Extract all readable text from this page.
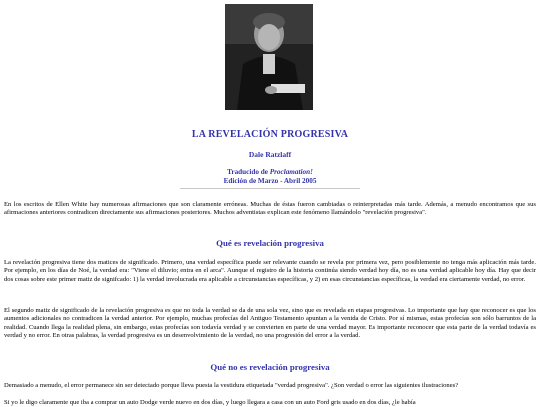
LA REVELACIÓN PROGRESIVA
Dale Ratzlaff
Traducido de Proclamation!
Edición de Marzo - Abril 2005

En los escritos de Ellen White hay numerosas afirmaciones que son claramente erróneas. Muchas de éstas fueron cambiadas o reinterpretadas más tarde. Además, a menudo encontramos que sus afirmaciones anteriores contradicen directamente sus afirmaciones posteriores. Muchos adventistas explican este fenómeno llamándolo "revelación progresiva".

Qué es revelación progresiva

La revelación progresiva tiene dos matices de significado. Primero, una verdad específica puede ser relevante cuando se revela por primera vez, pero posiblemente no tenga más aplicación más tarde. Por ejemplo, en los días de Noé, la verdad era: "Viene el diluvio; entra en el arca". Aunque el registro de la historia continúa siendo verdad hoy día, no es una verdad aplicable hoy día. Hay que decir dos cosas sobre este primer matiz de signifcado: 1) la verdad involucrada era aplicable a circunstancias específicas, y 2) en esas circunstancias específicas, la verdad era ciertamente verdad, no error.

El segundo matiz de significado de la revelación progresiva es que no toda la verdad se da de una sola vez, sino que es revelada en etapas progresivas. Lo importante que hay que reconocer es que los aumentos adicionales no contradicen la verdad anterior. Por ejemplo, muchas profecías del Antiguo Testamento apuntan a la venida de Cristo. Por sí mismas, estas profecías son sólo barruntos de la realidad. Cuando llega la realidad plena, sin embargo, estas profecías son todavía verdad y se convierten en parte de una verdad mayor. Es importante reconocer que esta parte de la verdad todavía es verdad y no error. En otras palabras, la verdad progresiva es un desenvolvimiento de la verdad, no una progresión del error a la verdad.

Qué no es revelación progresiva

Demasiado a menudo, el error permanece sin ser detectado porque lleva puesta la vestidura etiquetada "verdad progresiva". ¿Son verdad o error las siguientes ilustraciones?

Si yo le digo claramente que iba a comprar un auto Dodge verde nuevo en dos días, y luego llegara a casa con un auto Ford gris usado en dos días, ¿le había
